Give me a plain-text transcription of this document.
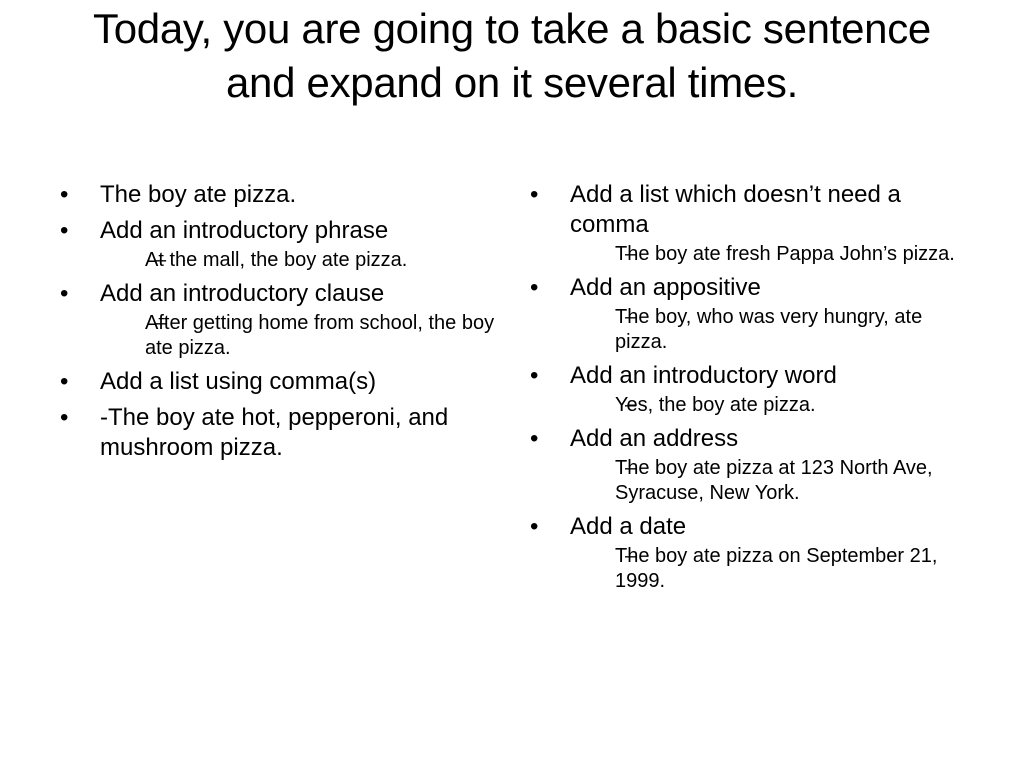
Today, you are going to take a basic sentence and expand on it several times.
• The boy ate pizza.
• Add an introductory phrase
– At the mall, the boy ate pizza.
• Add an introductory clause
– After getting home from school, the boy ate pizza.
• Add a list using comma(s)
• -The boy ate hot, pepperoni, and mushroom pizza.
• Add a list which doesn’t need a comma
– The boy ate fresh Pappa John’s pizza.
• Add an appositive
– The boy, who was very hungry, ate pizza.
• Add an introductory word
– Yes, the boy ate pizza.
• Add an address
– The boy ate pizza at 123 North Ave, Syracuse, New York.
• Add a date
– The boy ate pizza on September 21, 1999.
